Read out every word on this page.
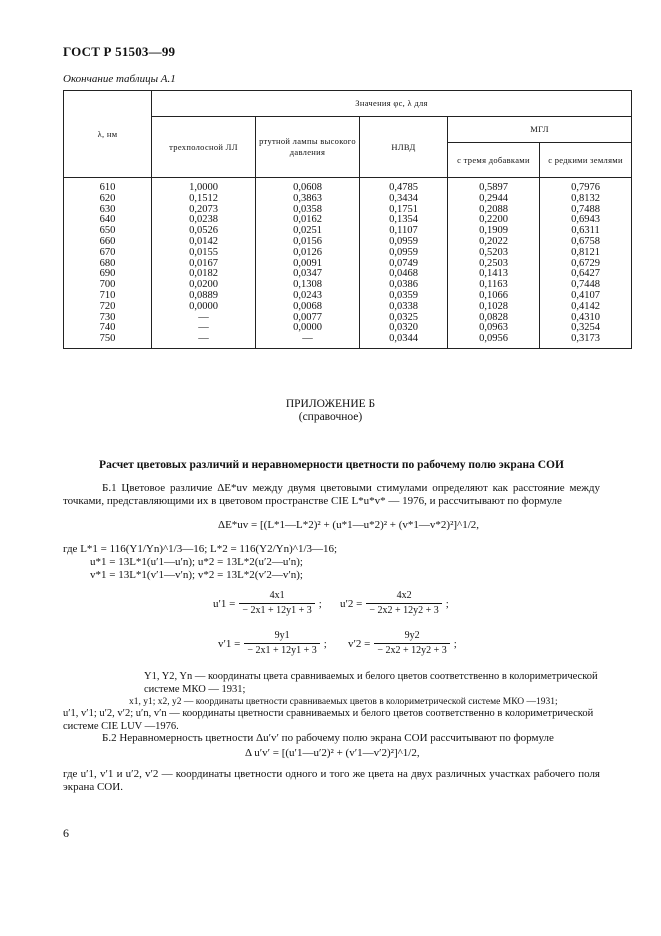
ГОСТ Р 51503—99
Окончание таблицы А.1
λ, нм	Значения φс, λ для				
	трехполосной ЛЛ	ртутной лампы высокого давления	НЛВД	МГЛ	
				с тремя добавками	с редкими землями
610	1,0000	0,0608	0,4785	0,5897	0,7976
620	0,1512	0,3863	0,3434	0,2944	0,8132
630	0,2073	0,0358	0,1751	0,2088	0,7488
640	0,0238	0,0162	0,1354	0,2200	0,6943
650	0,0526	0,0251	0,1107	0,1909	0,6311
660	0,0142	0,0156	0,0959	0,2022	0,6758
670	0,0155	0,0126	0,0959	0,5203	0,8121
680	0,0167	0,0091	0,0749	0,2503	0,6729
690	0,0182	0,0347	0,0468	0,1413	0,6427
700	0,0200	0,1308	0,0386	0,1163	0,7448
710	0,0889	0,0243	0,0359	0,1066	0,4107
720	0,0000	0,0068	0,0338	0,1028	0,4142
730	—	0,0077	0,0325	0,0828	0,4310
740	—	0,0000	0,0320	0,0963	0,3254
750	—	—	0,0344	0,0956	0,3173
ПРИЛОЖЕНИЕ Б
(справочное)
Расчет цветовых различий и неравномерности цветности по рабочему полю экрана СОИ
Б.1 Цветовое различие ΔE*uv между двумя цветовыми стимулами определяют как расстояние между точками, представляющими их в цветовом пространстве CIE L*u*v* — 1976, и рассчитывают по формуле
ΔE*uv = [(L*1—L*2)² + (u*1—u*2)² + (v*1—v*2)²]^1/2,
где L*1 = 116(Y1/Yn)^1/3—16; L*2 = 116(Y2/Yn)^1/3—16;
u*1 = 13L*1(u′1—u′n); u*2 = 13L*2(u′2—u′n);
v*1 = 13L*1(v′1—v′n); v*2 = 13L*2(v′2—v′n);
$u'1 = \frac{4x1}{- 2x1 + 12y1 + 3}$ ; $u'2 = \frac{4x2}{- 2x2 + 12y2 + 3}$ ;
$v'1 = \frac{9y1}{- 2x1 + 12y1 + 3}$ ; $v'2 = \frac{9y2}{- 2x2 + 12y2 + 3}$ ;
Y1, Y2, Yn — координаты цвета сравниваемых и белого цветов соответственно в колориметрической системе МКО — 1931;
x1, y1; x2, y2 — координаты цветности сравниваемых цветов в колориметрической системе МКО —1931;
u′1, v′1; u′2, v′2; u′n, v′n — координаты цветности сравниваемых и белого цветов соответственно в колориметрической системе CIE LUV —1976.
Б.2 Неравномерность цветности Δu′v′ по рабочему полю экрана СОИ рассчитывают по формуле
Δ u′v′ = [(u′1—u′2)² + (v′1—v′2)²]^1/2,
где u′1, v′1 и u′2, v′2 — координаты цветности одного и того же цвета на двух различных участках рабочего поля экрана СОИ.
6
